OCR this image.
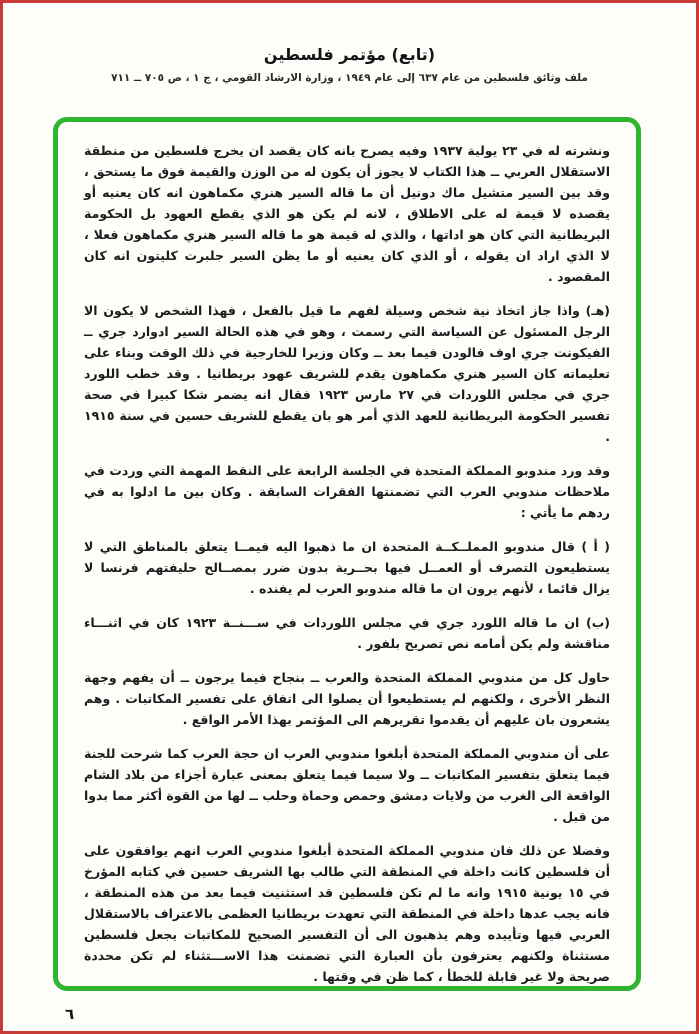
(تابع) مؤتمر فلسطين
ملف وثائق فلسطين من عام ٦٣٧ إلى عام ١٩٤٩ ، وزارة الارشاد القومي ، ج ١ ، ص ٧٠٥ ــ ٧١١

ونشرته له في ٢٣ يولية ١٩٣٧ وفيه يصرح بانه كان يقصد ان يخرج فلسطين من منطقة الاستقلال العربي ــ هذا الكتاب لا يجوز أن يكون له من الوزن والقيمة فوق ما يستحق ، وقد بين السير متشيل ماك دونيل أن ما قاله السير هنري مكماهون انه كان يعنيه أو يقصده لا قيمة له على الاطلاق ، لانه لم يكن هو الذي يقطع العهود بل الحكومة البريطانية التي كان هو اداتها ، والذي له قيمة هو ما قاله السير هنري مكماهون فعلا ، لا الذي اراد ان يقوله ، أو الذي كان يعنيه أو ما يظن السير جلبرت كليتون انه كان المقصود .

(هـ) واذا جاز اتخاذ نية شخص وسيلة لفهم ما قيل بالفعل ، فهذا الشخص لا يكون الا الرجل المسئول عن السياسة التي رسمت ، وهو في هذه الحالة السير ادوارد جري ــ الفيكونت جري اوف فالودن فيما بعد ــ وكان وزيرا للخارجية في ذلك الوقت وبناء على تعليماته كان السير هنري مكماهون يقدم للشريف عهود بريطانيا . وقد خطب اللورد جري في مجلس اللوردات في ٢٧ مارس ١٩٢٣ فقال انه يضمر شكا كبيرا في صحة تفسير الحكومة البريطانية للعهد الذي أمر هو بان يقطع للشريف حسين في سنة ١٩١٥ .

وقد ورد مندوبو المملكة المتحدة في الجلسة الرابعة على النقط المهمة التي وردت في ملاحظات مندوبي العرب التي تضمنتها الفقرات السابقة . وكان بين ما ادلوا به في ردهم ما يأتي :

( أ ) قال مندوبو المملــكــة المتحدة ان ما ذهبوا اليه فيمــا يتعلق بالمناطق التي لا يستطيعون التصرف أو العمــل فيها بحــرية بدون ضرر بمصــالح حليفتهم فرنسا لا يزال قائما ، لأنهم يرون ان ما قاله مندوبو العرب لم يفنده .

(ب) ان ما قاله اللورد جري في مجلس اللوردات في ســـنــة ١٩٢٣ كان في اثنـــاء مناقشة ولم يكن أمامه نص تصريح بلفور .

حاول كل من مندوبي المملكة المتحدة والعرب ــ بنجاح فيما يرجون ــ أن يفهم وجهة النظر الأخرى ، ولكنهم لم يستطيعوا أن يصلوا الى اتفاق على تفسير المكاتبات . وهم يشعرون بان عليهم أن يقدموا تقريرهم الى المؤتمر بهذا الأمر الواقع .

على أن مندوبي المملكة المتحدة أبلغوا مندوبي العرب ان حجة العرب كما شرحت للجنة فيما يتعلق بتفسير المكاتبات ــ ولا سيما فيما يتعلق بمعنى عبارة أجزاء من بلاد الشام الواقعة الى الغرب من ولايات دمشق وحمص وحماة وحلب ــ لها من القوة أكثر مما بدوا من قبل .

وفضلا عن ذلك فان مندوبي المملكة المتحدة أبلغوا مندوبي العرب انهم يوافقون على أن فلسطين كانت داخلة في المنطقة التي طالب بها الشريف حسين في كتابه المؤرخ في ١٥ يونية ١٩١٥ وانه ما لم تكن فلسطين قد استثنيت فيما بعد من هذه المنطقة ، فانه يجب عدها داخلة في المنطقة التي تعهدت بريطانيا العظمى بالاعتراف بالاستقلال العربي فيها وتأييده وهم يذهبون الى أن التفسير الصحيح للمكاتبات يجعل فلسطين مستثناة ولكنهم يعترفون بأن العبارة التي تضمنت هذا الاســـتثناء لم تكن محددة صريحة ولا غير قابلة للخطأ ، كما ظن في وقتها .

٦
